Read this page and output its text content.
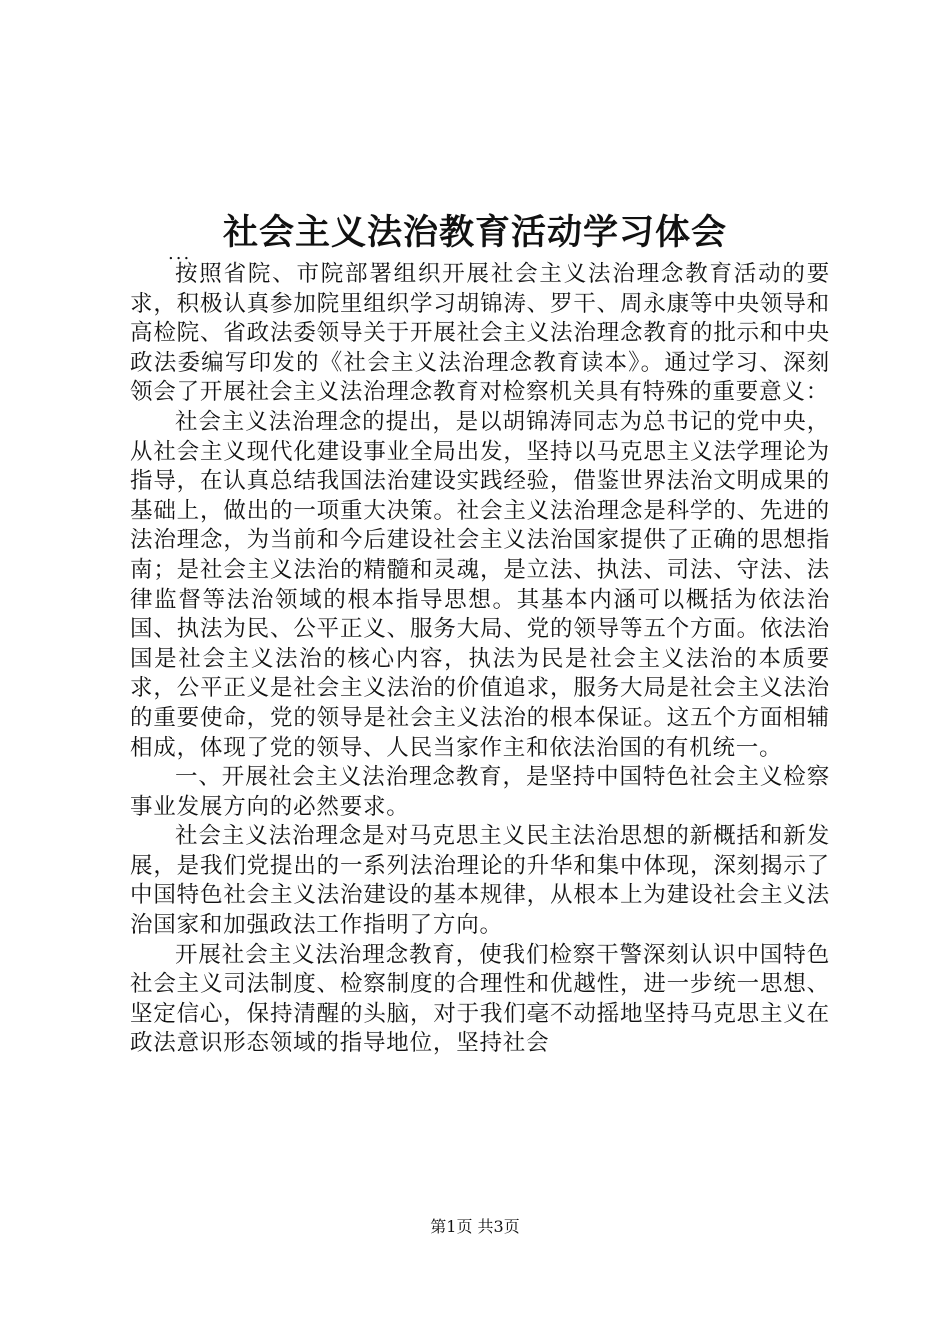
社会主义法治教育活动学习体会
...

按照省院、市院部署组织开展社会主义法治理念教育活动的要求，积极认真参加院里组织学习胡锦涛、罗干、周永康等中央领导和高检院、省政法委领导关于开展社会主义法治理念教育的批示和中央政法委编写印发的《社会主义法治理念教育读本》。通过学习、深刻领会了开展社会主义法治理念教育对检察机关具有特殊的重要意义：

社会主义法治理念的提出，是以胡锦涛同志为总书记的党中央，从社会主义现代化建设事业全局出发，坚持以马克思主义法学理论为指导，在认真总结我国法治建设实践经验，借鉴世界法治文明成果的基础上，做出的一项重大决策。社会主义法治理念是科学的、先进的法治理念，为当前和今后建设社会主义法治国家提供了正确的思想指南；是社会主义法治的精髓和灵魂，是立法、执法、司法、守法、法律监督等法治领域的根本指导思想。其基本内涵可以概括为依法治国、执法为民、公平正义、服务大局、党的领导等五个方面。依法治国是社会主义法治的核心内容，执法为民是社会主义法治的本质要求，公平正义是社会主义法治的价值追求，服务大局是社会主义法治的重要使命，党的领导是社会主义法治的根本保证。这五个方面相辅相成，体现了党的领导、人民当家作主和依法治国的有机统一。

一、开展社会主义法治理念教育，是坚持中国特色社会主义检察事业发展方向的必然要求。

社会主义法治理念是对马克思主义民主法治思想的新概括和新发展，是我们党提出的一系列法治理论的升华和集中体现，深刻揭示了中国特色社会主义法治建设的基本规律，从根本上为建设社会主义法治国家和加强政法工作指明了方向。

开展社会主义法治理念教育，使我们检察干警深刻认识中国特色社会主义司法制度、检察制度的合理性和优越性，进一步统一思想、坚定信心，保持清醒的头脑，对于我们毫不动摇地坚持马克思主义在政法意识形态领域的指导地位，坚持社会

第1页 共3页
